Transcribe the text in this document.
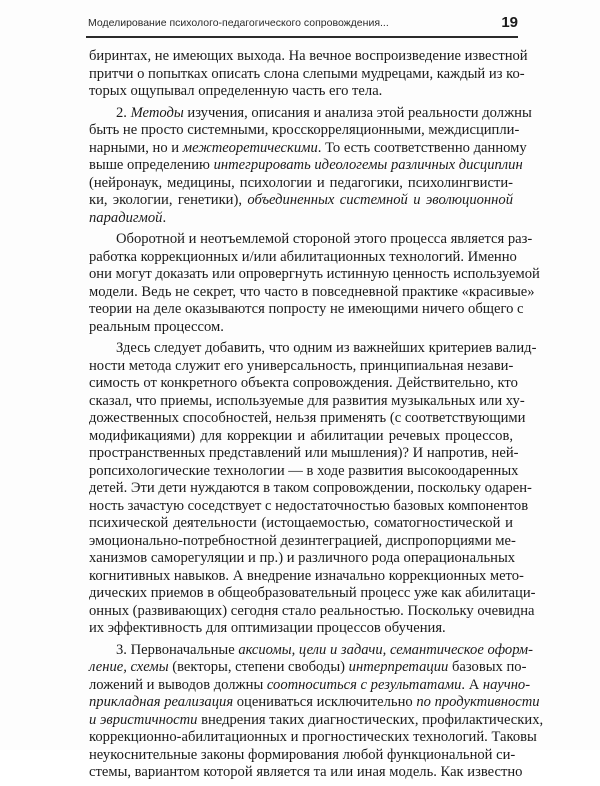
Моделирование психолого-педагогического сопровождения...	19
биринтах, не имеющих выхода. На вечное воспроизведение известной
притчи о попытках описать слона слепыми мудрецами, каждый из ко-
торых ощупывал определенную часть его тела.
2. Методы изучения, описания и анализа этой реальности должны
быть не просто системными, кросскорреляционными, междисципли-
нарными, но и межтеоретическими. То есть соответственно данному
выше определению интегрировать идеологемы различных дисциплин
(нейронаук, медицины, психологии и педагогики, психолингвисти-
ки, экологии, генетики), объединенных системной и эволюционной
парадигмой.
Оборотной и неотъемлемой стороной этого процесса является раз-
работка коррекционных и/или абилитационных технологий. Именно
они могут доказать или опровергнуть истинную ценность используемой
модели. Ведь не секрет, что часто в повседневной практике «красивые»
теории на деле оказываются попросту не имеющими ничего общего с
реальным процессом.
Здесь следует добавить, что одним из важнейших критериев валид-
ности метода служит его универсальность, принципиальная незави-
симость от конкретного объекта сопровождения. Действительно, кто
сказал, что приемы, используемые для развития музыкальных или ху-
дожественных способностей, нельзя применять (с соответствующими
модификациями) для коррекции и абилитации речевых процессов,
пространственных представлений или мышления)? И напротив, ней-
ропсихологические технологии — в ходе развития высокоодаренных
детей. Эти дети нуждаются в таком сопровождении, поскольку одарен-
ность зачастую соседствует с недостаточностью базовых компонентов
психической деятельности (истощаемостью, соматогностической и
эмоционально-потребностной дезинтеграцией, диспропорциями ме-
ханизмов саморегуляции и пр.) и различного рода операциональных
когнитивных навыков. А внедрение изначально коррекционных мето-
дических приемов в общеобразовательный процесс уже как абилитаци-
онных (развивающих) сегодня стало реальностью. Поскольку очевидна
их эффективность для оптимизации процессов обучения.
3. Первоначальные аксиомы, цели и задачи, семантическое оформ-
ление, схемы (векторы, степени свободы) интерпретации базовых по-
ложений и выводов должны соотноситься с результатами. А научно-
прикладная реализация оцениваться исключительно по продуктивности
и эвристичности внедрения таких диагностических, профилактических,
коррекционно-абилитационных и прогностических технологий. Таковы
неукоснительные законы формирования любой функциональной си-
стемы, вариантом которой является та или иная модель. Как известно
